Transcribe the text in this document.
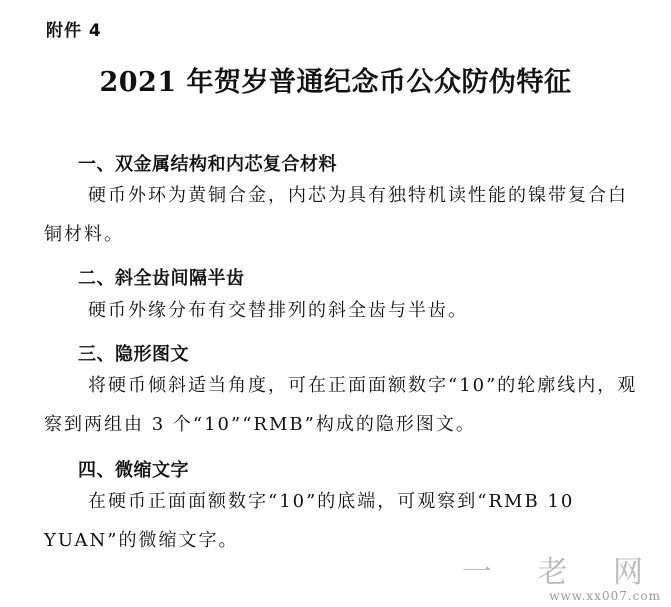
附件 4
2021 年贺岁普通纪念币公众防伪特征
一、双金属结构和内芯复合材料
硬币外环为黄铜合金，内芯为具有独特机读性能的镍带复合白铜材料。
二、斜全齿间隔半齿
硬币外缘分布有交替排列的斜全齿与半齿。
三、隐形图文
将硬币倾斜适当角度，可在正面面额数字“10”的轮廓线内，观察到两组由 3 个“10”“RMB”构成的隐形图文。
四、微缩文字
在硬币正面面额数字“10”的底端，可观察到“RMB 10 YUAN”的微缩文字。
一 老 网
www.xx007.com
